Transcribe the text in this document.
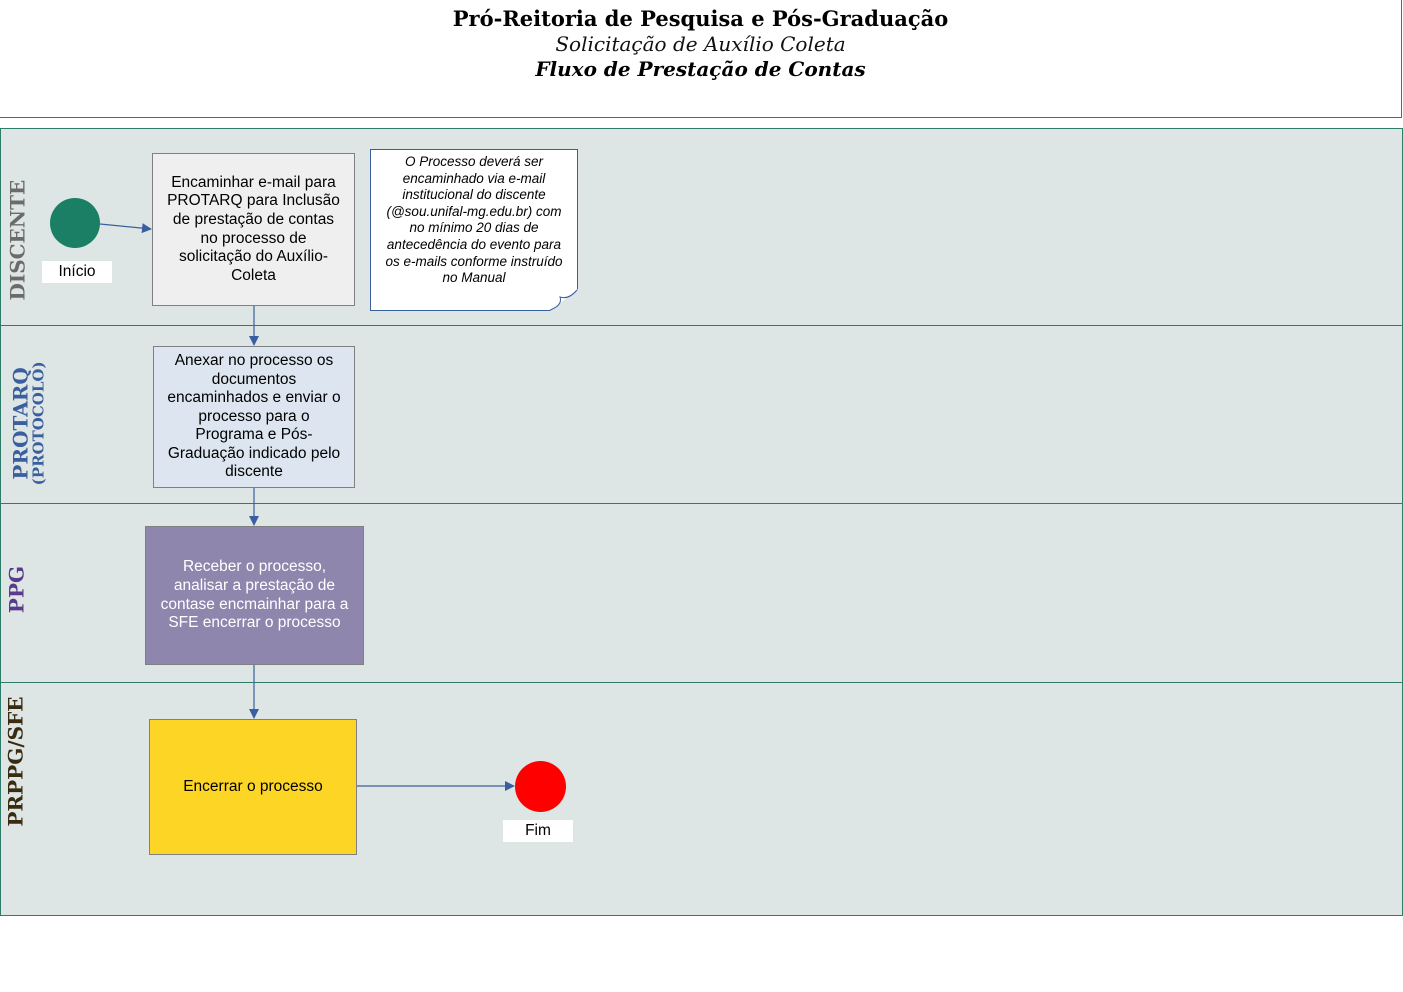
Pró-Reitoria de Pesquisa e Pós-Graduação
Solicitação de Auxílio Coleta
Fluxo de Prestação de Contas
DISCENTE
PROTARQ
(PROTOCOLO)
PPG
PRPPG/SFE
Início
Encaminhar e-mail para PROTARQ para Inclusão de prestação de contas no processo de solicitação do Auxílio-Coleta
O Processo deverá ser encaminhado via e-mail institucional do discente (@sou.unifal-mg.edu.br) com no mínimo 20 dias de antecedência do evento para os e-mails conforme instruído no Manual
Anexar no processo os documentos encaminhados e enviar o processo para o Programa e Pós-Graduação indicado pelo discente
Receber o processo, analisar a prestação de contase encmainhar para a SFE encerrar o processo
Encerrar o processo
Fim
